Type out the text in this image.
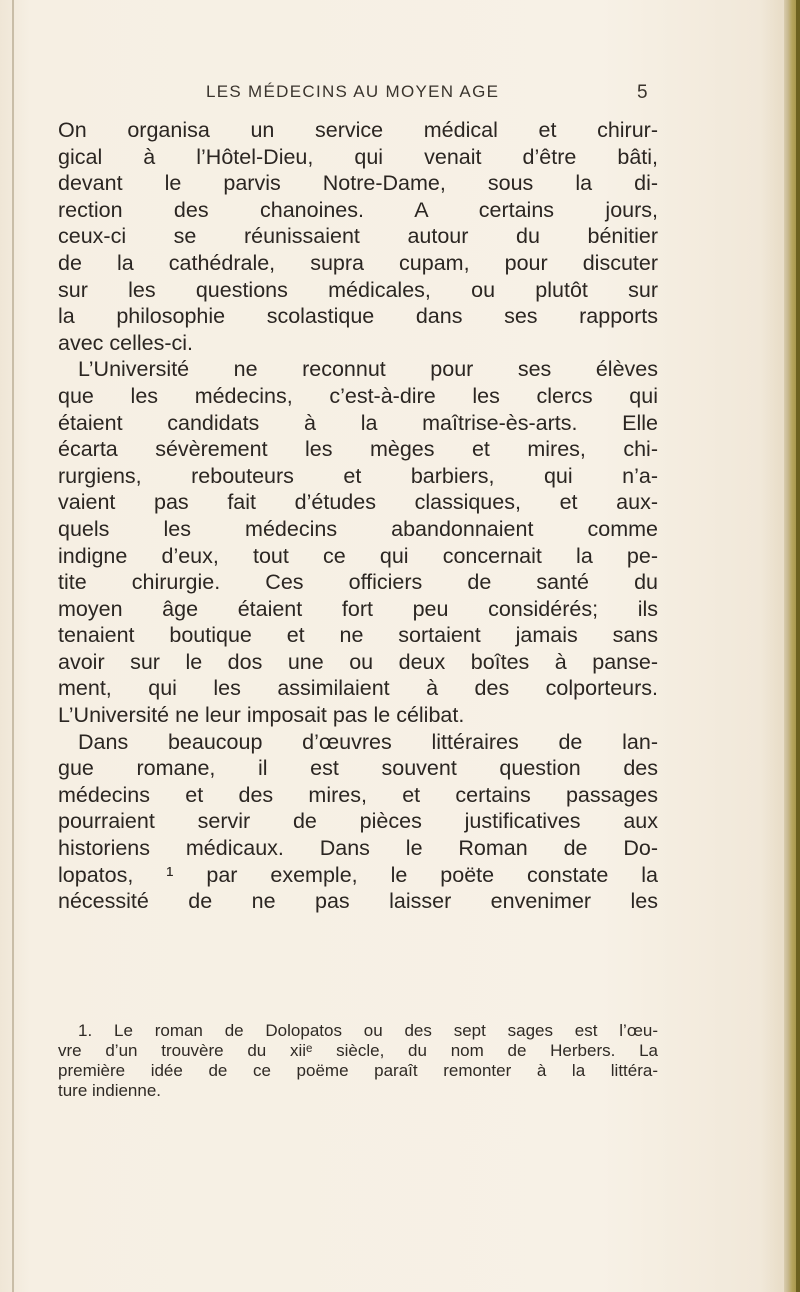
LES MÉDECINS AU MOYEN AGE	5
On organisa un service médical et chirur-
gical à l’Hôtel-Dieu, qui venait d’être bâti,
devant le parvis Notre-Dame, sous la di-
rection des chanoines. A certains jours,
ceux-ci se réunissaient autour du bénitier
de la cathédrale, supra cupam, pour discuter
sur les questions médicales, ou plutôt sur
la philosophie scolastique dans ses rapports
avec celles-ci.
L’Université ne reconnut pour ses élèves
que les médecins, c’est-à-dire les clercs qui
étaient candidats à la maîtrise-ès-arts. Elle
écarta sévèrement les mèges et mires, chi-
rurgiens, rebouteurs et barbiers, qui n’a-
vaient pas fait d’études classiques, et aux-
quels les médecins abandonnaient comme
indigne d’eux, tout ce qui concernait la pe-
tite chirurgie. Ces officiers de santé du
moyen âge étaient fort peu considérés; ils
tenaient boutique et ne sortaient jamais sans
avoir sur le dos une ou deux boîtes à panse-
ment, qui les assimilaient à des colporteurs.
L’Université ne leur imposait pas le célibat.
Dans beaucoup d’œuvres littéraires de lan-
gue romane, il est souvent question des
médecins et des mires, et certains passages
pourraient servir de pièces justificatives aux
historiens médicaux. Dans le Roman de Do-
lopatos, ¹ par exemple, le poëte constate la
nécessité de ne pas laisser envenimer les
1. Le roman de Dolopatos ou des sept sages est l’œu-
vre d’un trouvère du xiiᵉ siècle, du nom de Herbers. La
première idée de ce poëme paraît remonter à la littéra-
ture indienne.
